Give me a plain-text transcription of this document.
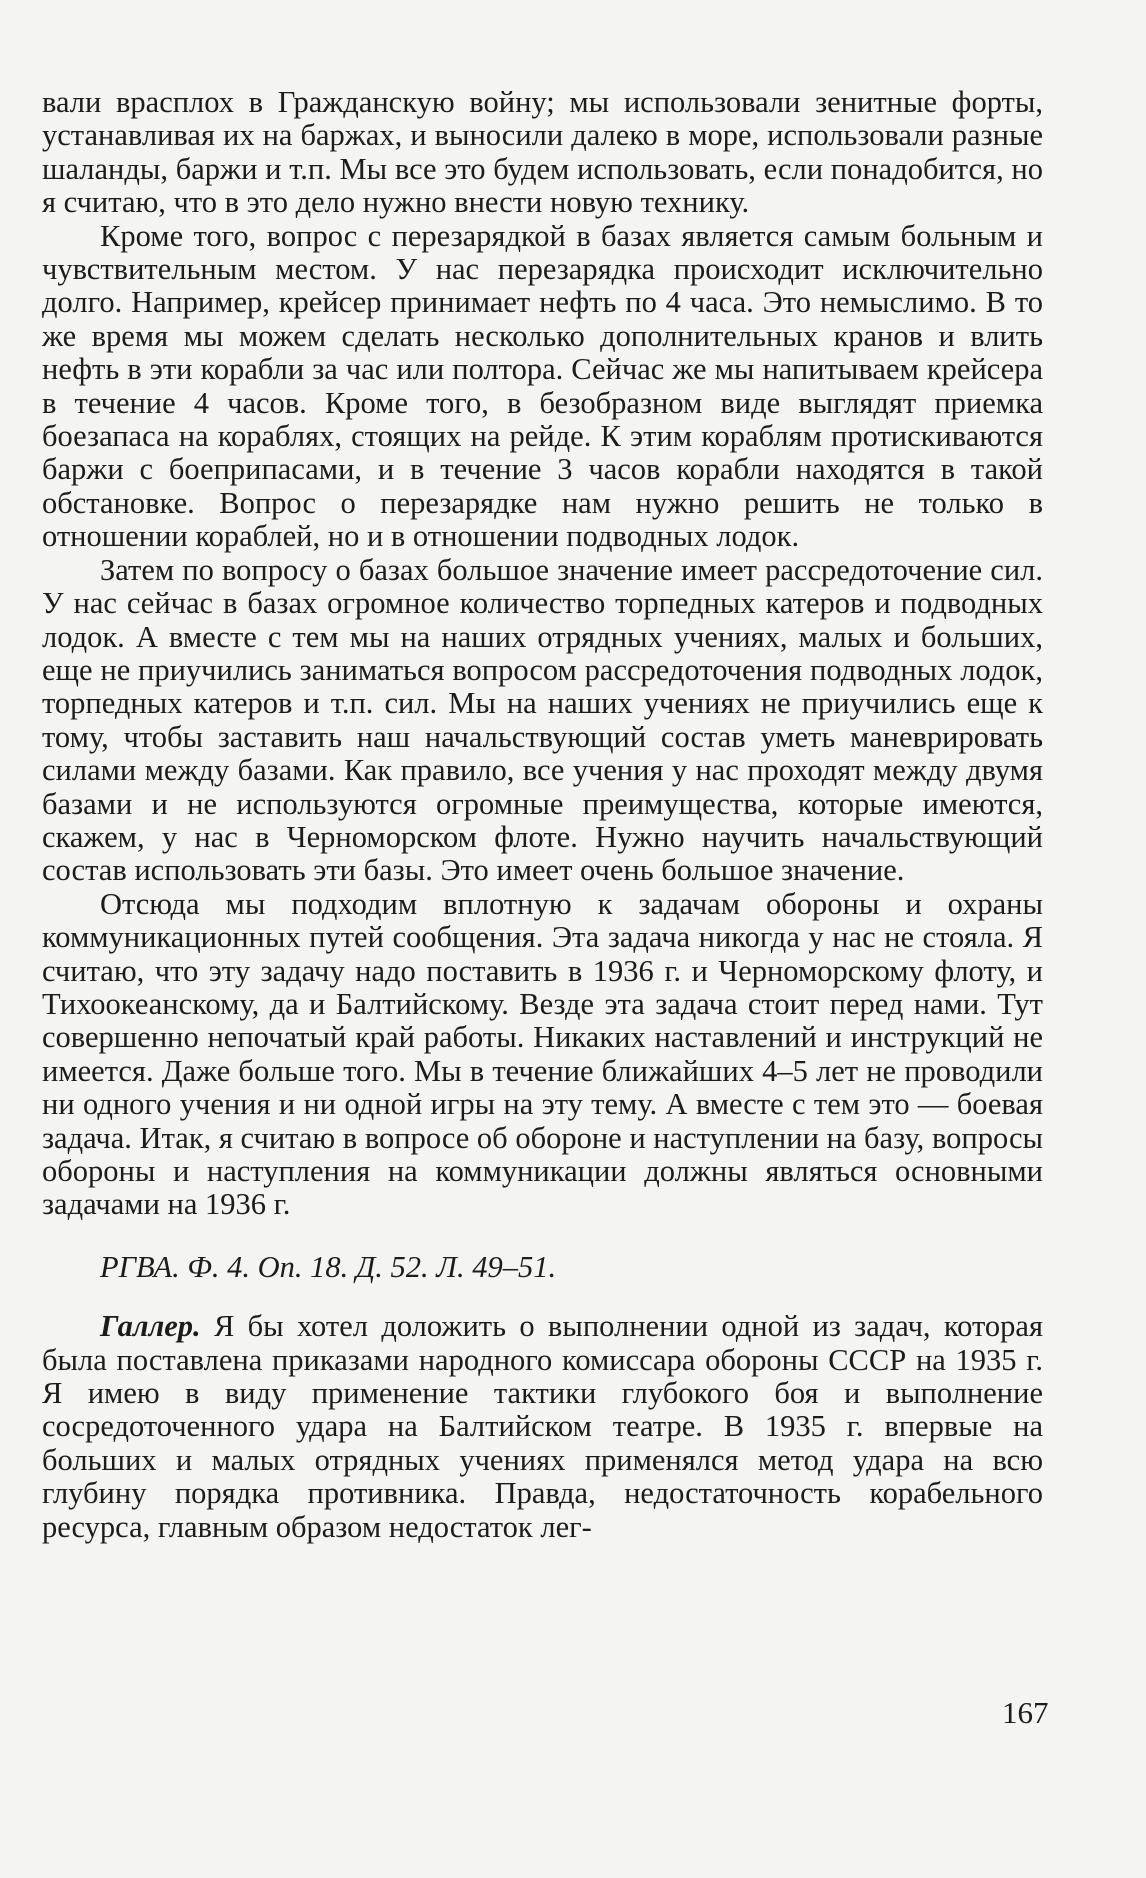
вали врасплох в Гражданскую войну; мы использовали зенитные форты, устанавливая их на баржах, и выносили далеко в море, использовали разные шаланды, баржи и т.п. Мы все это будем использовать, если понадобится, но я считаю, что в это дело нужно внести новую технику.

Кроме того, вопрос с перезарядкой в базах является самым больным и чувствительным местом. У нас перезарядка происходит исключительно долго. Например, крейсер принимает нефть по 4 часа. Это немыслимо. В то же время мы можем сделать несколько дополнительных кранов и влить нефть в эти корабли за час или полтора. Сейчас же мы напитываем крейсера в течение 4 часов. Кроме того, в безобразном виде выглядят приемка боезапаса на кораблях, стоящих на рейде. К этим кораблям протискиваются баржи с боеприпасами, и в течение 3 часов корабли находятся в такой обстановке. Вопрос о перезарядке нам нужно решить не только в отношении кораблей, но и в отношении подводных лодок.

Затем по вопросу о базах большое значение имеет рассредоточение сил. У нас сейчас в базах огромное количество торпедных катеров и подводных лодок. А вместе с тем мы на наших отрядных учениях, малых и больших, еще не приучились заниматься вопросом рассредоточения подводных лодок, торпедных катеров и т.п. сил. Мы на наших учениях не приучились еще к тому, чтобы заставить наш начальствующий состав уметь маневрировать силами между базами. Как правило, все учения у нас проходят между двумя базами и не используются огромные преимущества, которые имеются, скажем, у нас в Черноморском флоте. Нужно научить начальствующий состав использовать эти базы. Это имеет очень большое значение.

Отсюда мы подходим вплотную к задачам обороны и охраны коммуникационных путей сообщения. Эта задача никогда у нас не стояла. Я считаю, что эту задачу надо поставить в 1936 г. и Черноморскому флоту, и Тихоокеанскому, да и Балтийскому. Везде эта задача стоит перед нами. Тут совершенно непочатый край работы. Никаких наставлений и инструкций не имеется. Даже больше того. Мы в течение ближайших 4–5 лет не проводили ни одного учения и ни одной игры на эту тему. А вместе с тем это — боевая задача. Итак, я считаю в вопросе об обороне и наступлении на базу, вопросы обороны и наступления на коммуникации должны являться основными задачами на 1936 г.

РГВА. Ф. 4. Оп. 18. Д. 52. Л. 49–51.

Галлер. Я бы хотел доложить о выполнении одной из задач, которая была поставлена приказами народного комиссара обороны СССР на 1935 г. Я имею в виду применение тактики глубокого боя и выполнение сосредоточенного удара на Балтийском театре. В 1935 г. впервые на больших и малых отрядных учениях применялся метод удара на всю глубину порядка противника. Правда, недостаточность корабельного ресурса, главным образом недостаток лег-

167
